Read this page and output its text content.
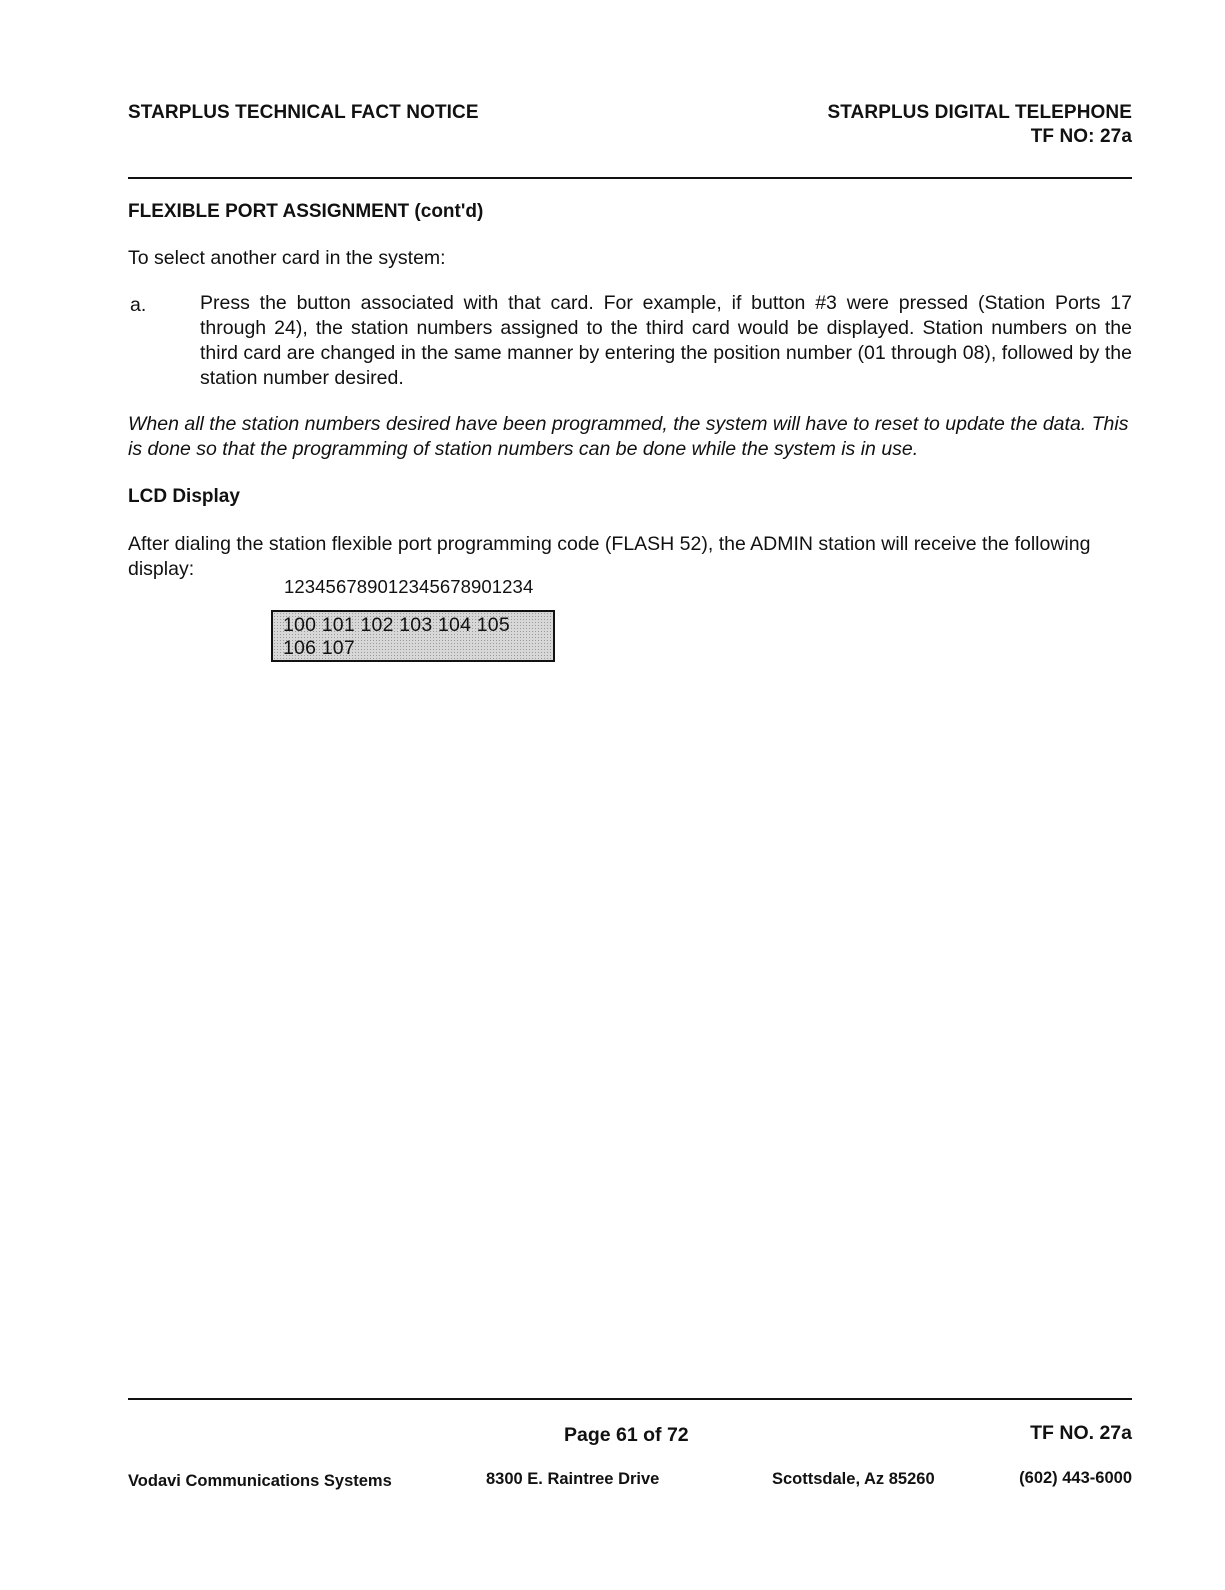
STARPLUS TECHNICAL FACT NOTICE	STARPLUS DIGITAL TELEPHONE
TF NO: 27a
FLEXIBLE PORT ASSIGNMENT (cont'd)
To select another card in the system:
a.	Press the button associated with that card. For example, if button #3 were pressed (Station Ports 17 through 24), the station numbers assigned to the third card would be displayed. Station numbers on the third card are changed in the same manner by entering the position number (01 through 08), followed by the station number desired.
When all the station numbers desired have been programmed, the system will have to reset to update the data. This is done so that the programming of station numbers can be done while the system is in use.
LCD Display
After dialing the station flexible port programming code (FLASH 52), the ADMIN station will receive the following display:
123456789012345678901234
100 101 102 103 104 105
106 107
Page 61 of 72	TF NO. 27a
Vodavi Communications Systems	8300 E. Raintree Drive	Scottsdale, Az 85260	(602) 443-6000
